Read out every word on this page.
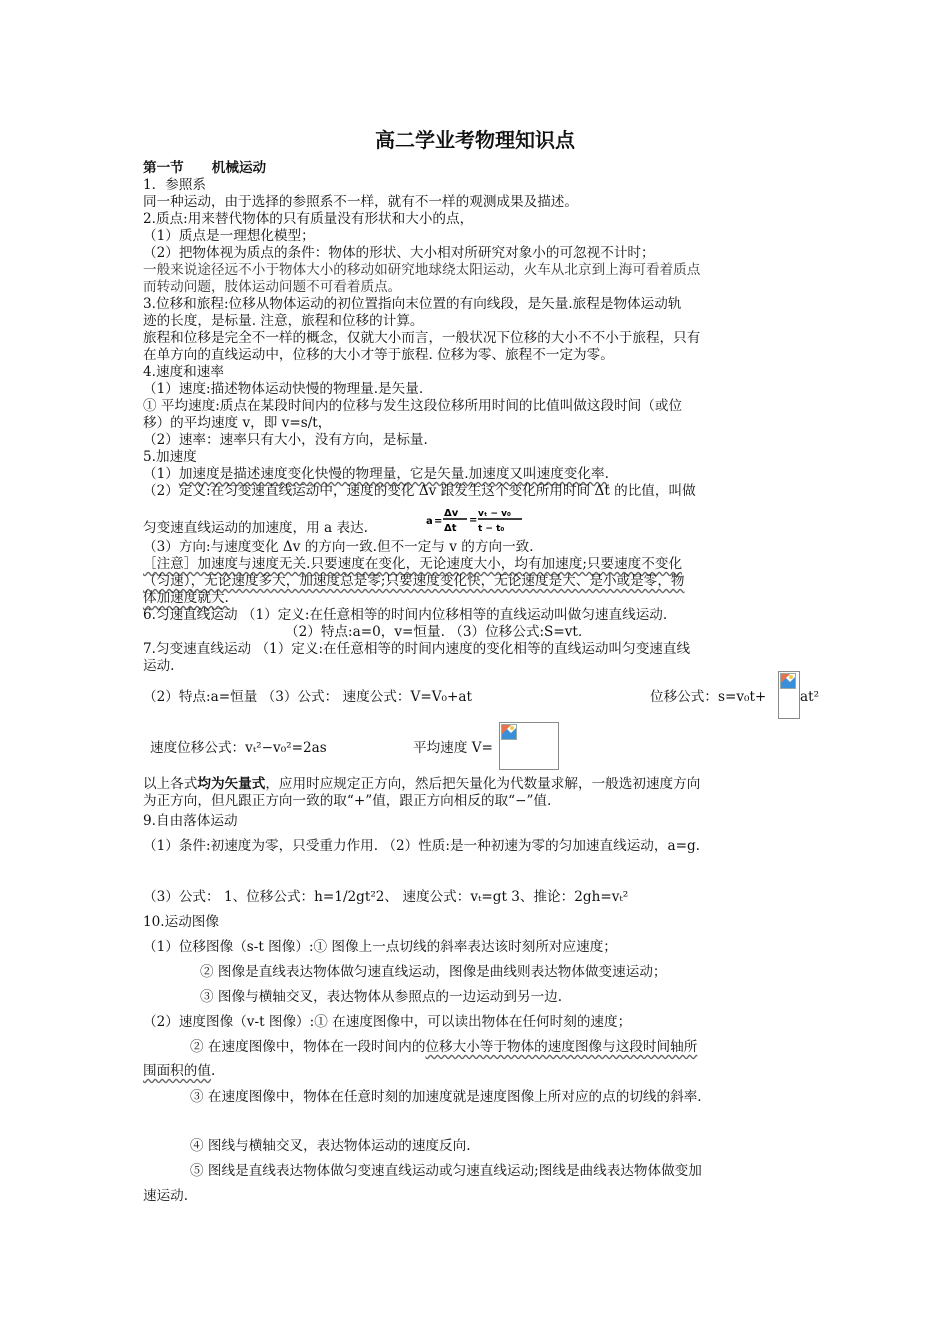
高二学业考物理知识点
第一节 机械运动
1．参照系
同一种运动，由于选择的参照系不一样，就有不一样的观测成果及描述。
2.质点:用来替代物体的只有质量没有形状和大小的点，
（1）质点是一理想化模型；
（2）把物体视为质点的条件：物体的形状、大小相对所研究对象小的可忽视不计时；
一般来说途径远不小于物体大小的移动如研究地球绕太阳运动，火车从北京到上海可看着质点
而转动问题，肢体运动问题不可看着质点。
3.位移和旅程:位移从物体运动的初位置指向末位置的有向线段，是矢量.旅程是物体运动轨
迹的长度，是标量. 注意，旅程和位移的计算。
旅程和位移是完全不一样的概念，仅就大小而言，一般状况下位移的大小不不小于旅程，只有
在单方向的直线运动中，位移的大小才等于旅程. 位移为零、旅程不一定为零。
4.速度和速率
（1）速度:描述物体运动快慢的物理量.是矢量.
① 平均速度:质点在某段时间内的位移与发生这段位移所用时间的比值叫做这段时间（或位
移）的平均速度 v，即 v=s/t，
（2）速率：速率只有大小，没有方向，是标量.
5.加速度
（1）加速度是描述速度变化快慢的物理量，它是矢量.加速度又叫速度变化率.
（2）定义:在匀变速直线运动中，速度的变化 Δv 跟发生这个变化所用时间 Δt 的比值，叫做
匀变速直线运动的加速度，用 a 表达.	a =
Δv
Δt
=
vₜ − v₀
t − t₀
（3）方向:与速度变化 Δv 的方向一致.但不一定与 v 的方向一致.
［注意］加速度与速度无关.只要速度在变化，无论速度大小，均有加速度;只要速度不变化
（匀速），无论速度多大，加速度总是零;只要速度变化快，无论速度是大、是小或是零，物
体加速度就大.
6.匀速直线运动 （1）定义:在任意相等的时间内位移相等的直线运动叫做匀速直线运动.
（2）特点:a=0，v=恒量. （3）位移公式:S=vt.
7.匀变速直线运动 （1）定义:在任意相等的时间内速度的变化相等的直线运动叫匀变速直线
运动.
（2）特点:a=恒量 （3）公式： 速度公式：V=V₀+at	位移公式：s=v₀t+ at²
速度位移公式：vₜ²−v₀²=2as	平均速度 V=
以上各式均为矢量式，应用时应规定正方向，然后把矢量化为代数量求解，一般选初速度方向
为正方向，但凡跟正方向一致的取“+”值，跟正方向相反的取“−”值.
9.自由落体运动
（1）条件:初速度为零，只受重力作用. （2）性质:是一种初速为零的匀加速直线运动，a=g.
（3）公式： 1、位移公式：h=1/2gt²2、 速度公式：vₜ=gt 3、推论：2gh=vₜ²
10.运动图像
（1）位移图像（s-t 图像）:① 图像上一点切线的斜率表达该时刻所对应速度；
② 图像是直线表达物体做匀速直线运动，图像是曲线则表达物体做变速运动；
③ 图像与横轴交叉，表达物体从参照点的一边运动到另一边.
（2）速度图像（v-t 图像）:① 在速度图像中，可以读出物体在任何时刻的速度；
② 在速度图像中，物体在一段时间内的位移大小等于物体的速度图像与这段时间轴所
围面积的值.
③ 在速度图像中，物体在任意时刻的加速度就是速度图像上所对应的点的切线的斜率.
④ 图线与横轴交叉，表达物体运动的速度反向.
⑤ 图线是直线表达物体做匀变速直线运动或匀速直线运动;图线是曲线表达物体做变加
速运动.
